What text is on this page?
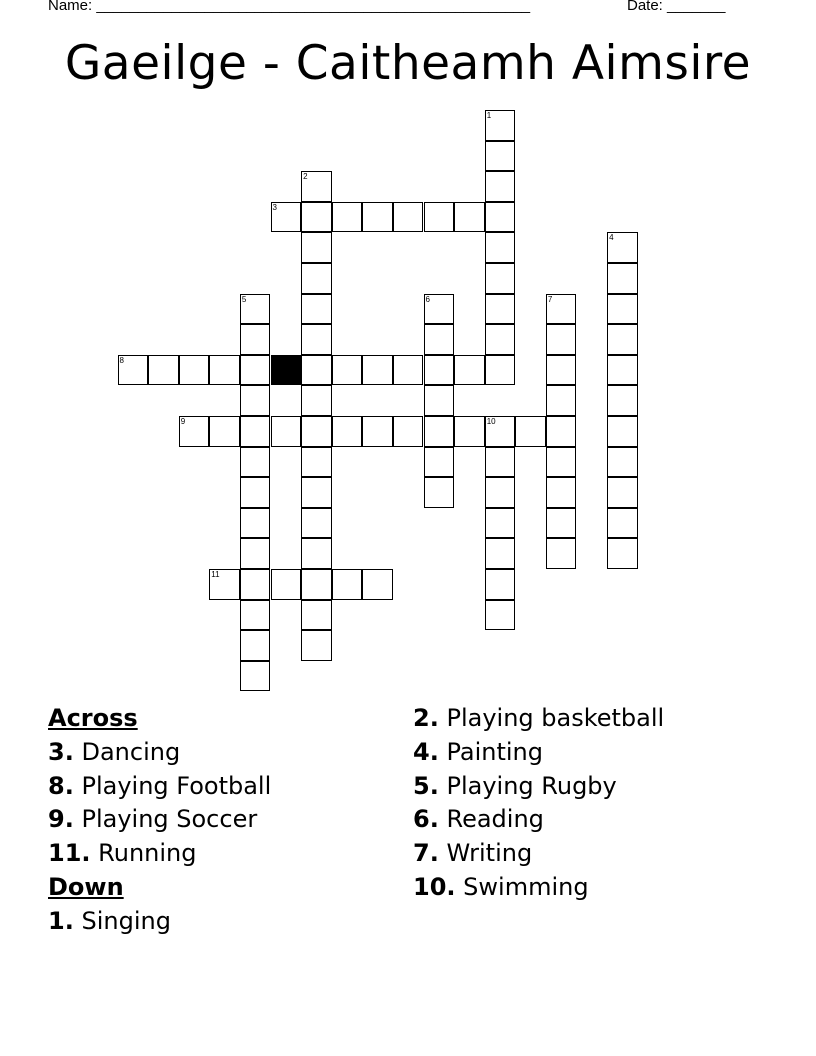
Name: ____________________________________________________	Date: _______
Gaeilge - Caitheamh Aimsire
1
2
3
4
5	6	7
8
9	10
11
Across
3. Dancing
8. Playing Football
9. Playing Soccer
11. Running
Down
1. Singing
2. Playing basketball
4. Painting
5. Playing Rugby
6. Reading
7. Writing
10. Swimming
